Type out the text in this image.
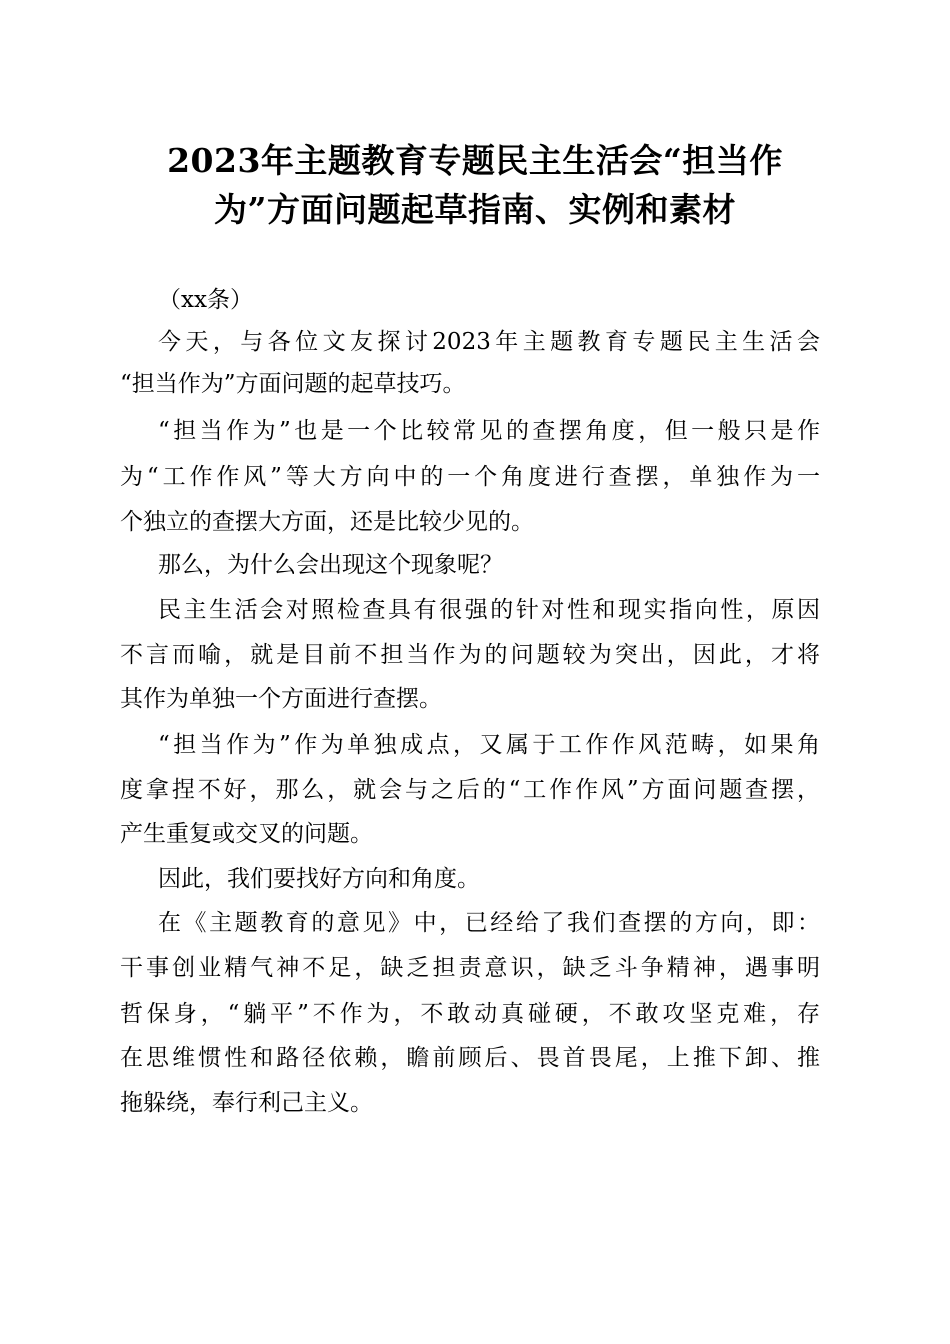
2023年主题教育专题民主生活会“担当作
为”方面问题起草指南、实例和素材

（xx条）

今天，与各位文友探讨2023年主题教育专题民主生活会

“担当作为”方面问题的起草技巧。

“担当作为”也是一个比较常见的查摆角度，但一般只是作

为“工作作风”等大方向中的一个角度进行查摆，单独作为一

个独立的查摆大方面，还是比较少见的。

那么，为什么会出现这个现象呢？

民主生活会对照检查具有很强的针对性和现实指向性，原因

不言而喻，就是目前不担当作为的问题较为突出，因此，才将

其作为单独一个方面进行查摆。

“担当作为”作为单独成点，又属于工作作风范畴，如果角

度拿捏不好，那么，就会与之后的“工作作风”方面问题查摆，

产生重复或交叉的问题。

因此，我们要找好方向和角度。

在《主题教育的意见》中，已经给了我们查摆的方向，即：

干事创业精气神不足，缺乏担责意识，缺乏斗争精神，遇事明

哲保身，“躺平”不作为，不敢动真碰硬，不敢攻坚克难，存

在思维惯性和路径依赖，瞻前顾后、畏首畏尾，上推下卸、推

拖躲绕，奉行利己主义。
